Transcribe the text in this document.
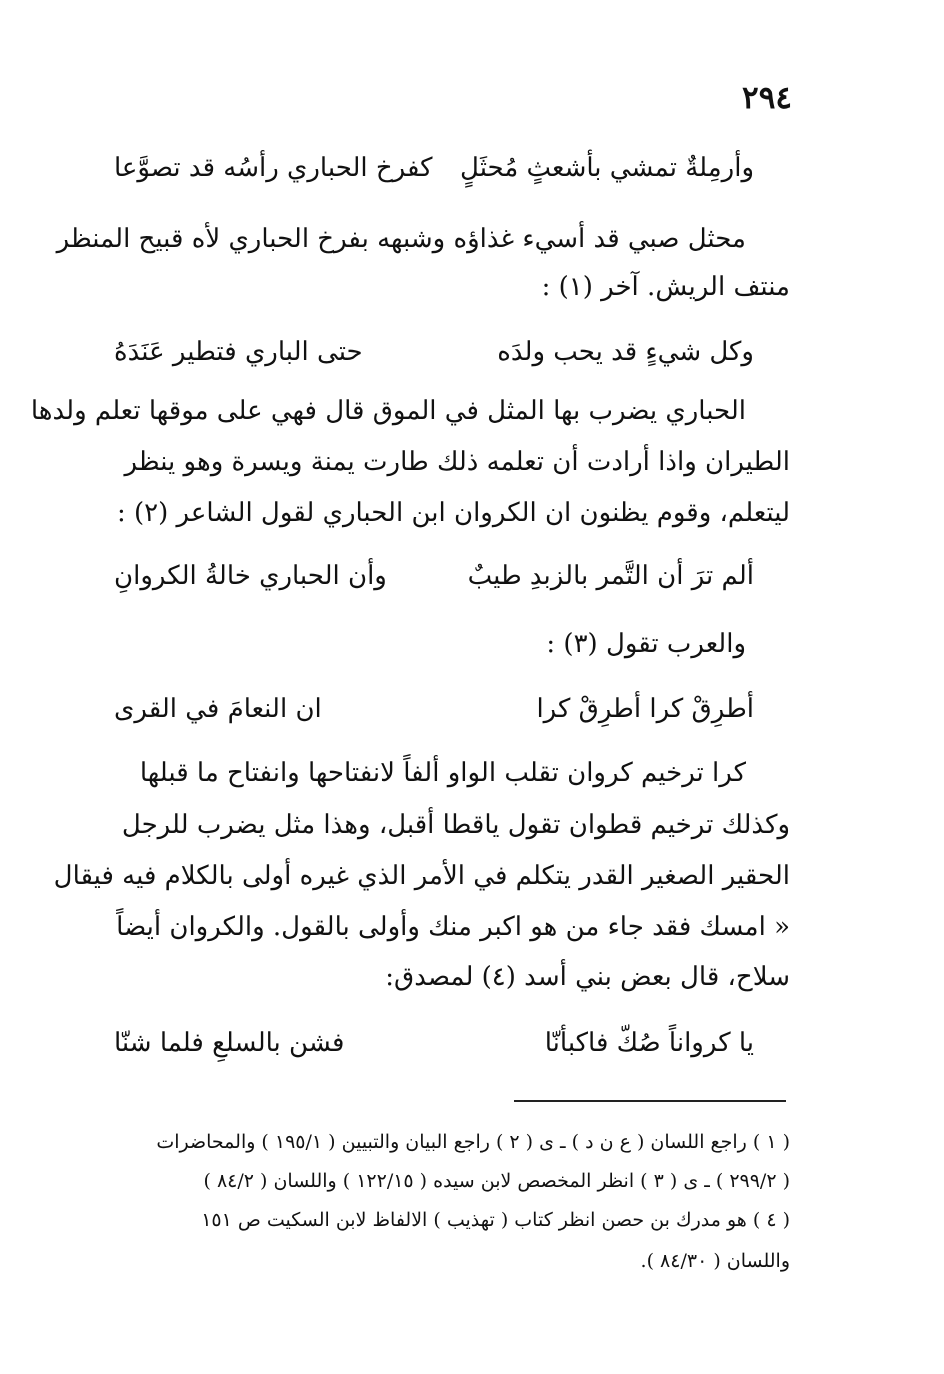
٢٩٤
وأرمِلةٌ تمشي بأشعثٍ مُحثَلٍ
كفرخ الحباري رأسُه قد تصوَّعا
محثل صبي قد أسيء غذاؤه وشبهه بفرخ الحباري لأه قبيح المنظر
منتف الريش. آخر (١) :
وكل شيءٍ قد يحب ولدَه
حتى الباري فتطير عَنَدَهُ
الحباري يضرب بها المثل في الموق قال فهي على موقها تعلم ولدها
الطيران واذا أرادت أن تعلمه ذلك طارت يمنة ويسرة وهو ينظر
ليتعلم، وقوم يظنون ان الكروان ابن الحباري لقول الشاعر (٢) :
ألم ترَ أن التَّمر بالزبدِ طيبٌ
وأن الحباري خالةُ الكروانِ
والعرب تقول (٣) :
أطرِقْ كرا أطرِقْ كرا
ان النعامَ في القرى
كرا ترخيم كروان تقلب الواو ألفاً لانفتاحها وانفتاح ما قبلها
وكذلك ترخيم قطوان تقول ياقطا أقبل، وهذا مثل يضرب للرجل
الحقير الصغير القدر يتكلم في الأمر الذي غيره أولى بالكلام فيه فيقال
« امسك فقد جاء من هو اكبر منك وأولى بالقول. والكروان أيضاً
سلاح، قال بعض بني أسد (٤) لمصدق:
يا كرواناً صُكّ فاكبأنّا
فشن بالسلعِ فلما شنّا
( ١ ) راجع اللسان ( ع ن د ) ـ ى ( ٢ ) راجع البيان والتبيين ( ١٩٥/١ ) والمحاضرات
( ٢٩٩/٢ ) ـ ى ( ٣ ) انظر المخصص لابن سيده ( ١٢٢/١٥ ) واللسان ( ٨٤/٢ )
( ٤ ) هو مدرك بن حصن انظر كتاب ( تهذيب ) الالفاظ لابن السكيت ص ١٥١
واللسان ( ٨٤/٣٠ ).
